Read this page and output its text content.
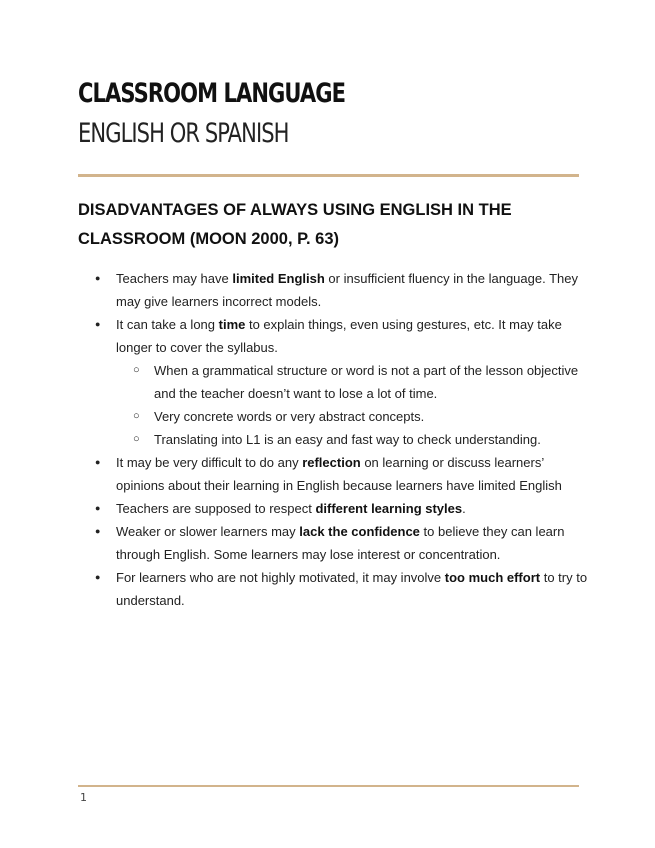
CLASSROOM LANGUAGE
ENGLISH OR SPANISH
DISADVANTAGES OF ALWAYS USING ENGLISH IN THE
CLASSROOM (MOON 2000, P. 63)
● Teachers may have limited English or insufficient fluency in the language. They may give learners incorrect models.
● It can take a long time to explain things, even using gestures, etc. It may take longer to cover the syllabus.
○ When a grammatical structure or word is not a part of the lesson objective and the teacher doesn’t want to lose a lot of time.
○ Very concrete words or very abstract concepts.
○ Translating into L1 is an easy and fast way to check understanding.
● It may be very difficult to do any reflection on learning or discuss learners’ opinions about their learning in English because learners have limited English
● Teachers are supposed to respect different learning styles.
● Weaker or slower learners may lack the confidence to believe they can learn through English. Some learners may lose interest or concentration.
● For learners who are not highly motivated, it may involve too much effort to try to understand.
1
